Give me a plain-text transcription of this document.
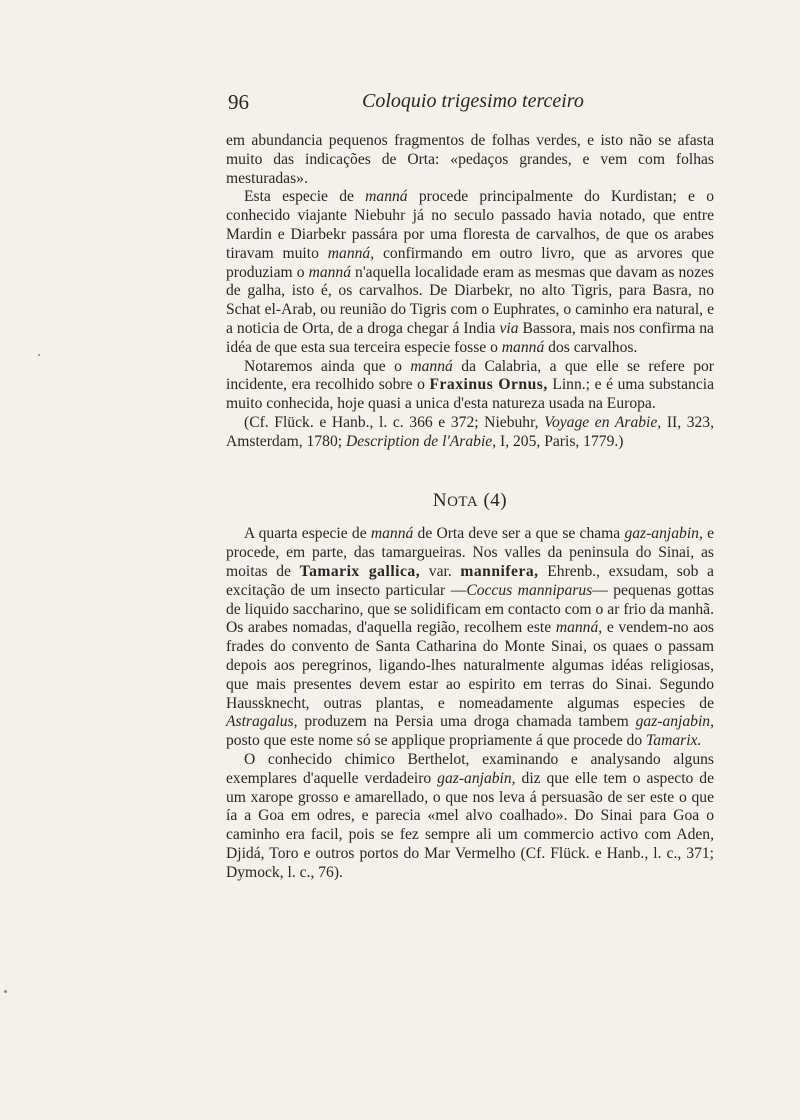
96	Coloquio trigesimo terceiro

em abundancia pequenos fragmentos de folhas verdes, e isto não se afasta muito das indicações de Orta: «pedaços grandes, e vem com folhas mesturadas».

Esta especie de manná procede principalmente do Kurdistan; e o conhecido viajante Niebuhr já no seculo passado havia notado, que entre Mardin e Diarbekr passára por uma floresta de carvalhos, de que os arabes tiravam muito manná, confirmando em outro livro, que as arvores que produziam o manná n'aquella localidade eram as mesmas que davam as nozes de galha, isto é, os carvalhos. De Diarbekr, no alto Tigris, para Basra, no Schat el-Arab, ou reunião do Tigris com o Euphrates, o caminho era natural, e a noticia de Orta, de a droga chegar á India via Bassora, mais nos confirma na idéa de que esta sua terceira especie fosse o manná dos carvalhos.

Notaremos ainda que o manná da Calabria, a que elle se refere por incidente, era recolhido sobre o Fraxinus Ornus, Linn.; e é uma substancia muito conhecida, hoje quasi a unica d'esta natureza usada na Europa.

(Cf. Flück. e Hanb., l. c. 366 e 372; Niebuhr, Voyage en Arabie, II, 323, Amsterdam, 1780; Description de l'Arabie, I, 205, Paris, 1779.)

NOTA (4)

A quarta especie de manná de Orta deve ser a que se chama gaz-anjabin, e procede, em parte, das tamargueiras. Nos valles da peninsula do Sinai, as moitas de Tamarix gallica, var. mannifera, Ehrenb., exsudam, sob a excitação de um insecto particular —Coccus manniparus— pequenas gottas de liquido saccharino, que se solidificam em contacto com o ar frio da manhã. Os arabes nomadas, d'aquella região, recolhem este manná, e vendem-no aos frades do convento de Santa Catharina do Monte Sinai, os quaes o passam depois aos peregrinos, ligando-lhes naturalmente algumas idéas religiosas, que mais presentes devem estar ao espirito em terras do Sinai. Segundo Haussknecht, outras plantas, e nomeadamente algumas especies de Astragalus, produzem na Persia uma droga chamada tambem gaz-anjabin, posto que este nome só se applique propriamente á que procede do Tamarix.

O conhecido chimico Berthelot, examinando e analysando alguns exemplares d'aquelle verdadeiro gaz-anjabin, diz que elle tem o aspecto de um xarope grosso e amarellado, o que nos leva á persuasão de ser este o que ía a Goa em odres, e parecia «mel alvo coalhado». Do Sinai para Goa o caminho era facil, pois se fez sempre ali um commercio activo com Aden, Djidá, Toro e outros portos do Mar Vermelho (Cf. Flück. e Hanb., l. c., 371; Dymock, l. c., 76).
